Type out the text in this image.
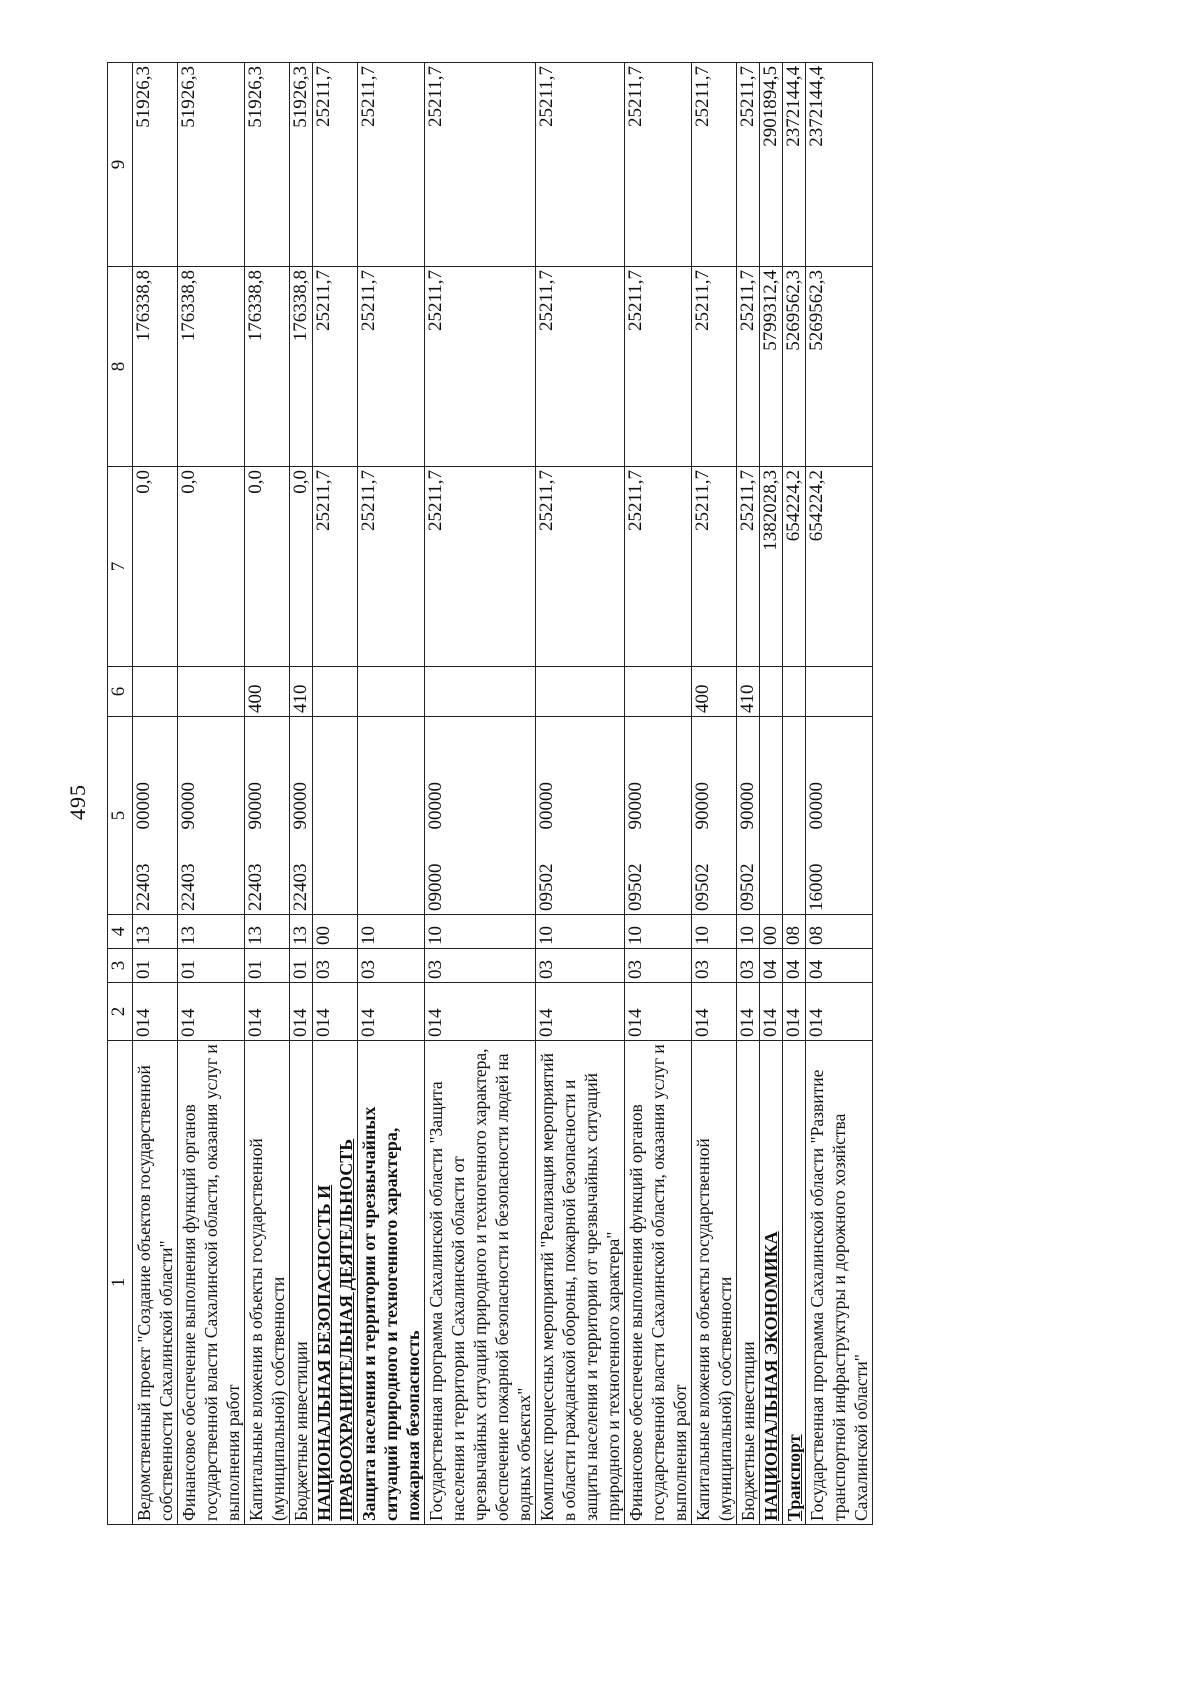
495
1	2	3	4	5	6	7	8	9
Ведомственный проект "Создание объектов государственной собственности Сахалинской области"	014	01	13	2240300000		0,0	176338,8	51926,3
Финансовое обеспечение выполнения функций органов государственной власти Сахалинской области, оказания услуг и выполнения работ	014	01	13	2240390000		0,0	176338,8	51926,3
Капитальные вложения в объекты государственной (муниципальной) собственности	014	01	13	2240390000	400	0,0	176338,8	51926,3
Бюджетные инвестиции	014	01	13	2240390000	410	0,0	176338,8	51926,3
НАЦИОНАЛЬНАЯ БЕЗОПАСНОСТЬ И ПРАВООХРАНИТЕЛЬНАЯ ДЕЯТЕЛЬНОСТЬ	014	03	00			25211,7	25211,7	25211,7
Защита населения и территории от чрезвычайных ситуаций природного и техногенного характера, пожарная безопасность	014	03	10			25211,7	25211,7	25211,7
Государственная программа Сахалинской области "Защита населения и территории Сахалинской области от чрезвычайных ситуаций природного и техногенного характера, обеспечение пожарной безопасности и безопасности людей на водных объектах"	014	03	10	0900000000		25211,7	25211,7	25211,7
Комплекс процессных мероприятий "Реализация мероприятий в области гражданской обороны, пожарной безопасности и защиты населения и территории от чрезвычайных ситуаций природного и техногенного характера"	014	03	10	0950200000		25211,7	25211,7	25211,7
Финансовое обеспечение выполнения функций органов государственной власти Сахалинской области, оказания услуг и выполнения работ	014	03	10	0950290000		25211,7	25211,7	25211,7
Капитальные вложения в объекты государственной (муниципальной) собственности	014	03	10	0950290000	400	25211,7	25211,7	25211,7
Бюджетные инвестиции	014	03	10	0950290000	410	25211,7	25211,7	25211,7
НАЦИОНАЛЬНАЯ ЭКОНОМИКА	014	04	00			1382028,3	5799312,4	2901894,5
Транспорт	014	04	08			654224,2	5269562,3	2372144,4
Государственная программа Сахалинской области "Развитие транспортной инфраструктуры и дорожного хозяйства Сахалинской области"	014	04	08	1600000000		654224,2	5269562,3	2372144,4
